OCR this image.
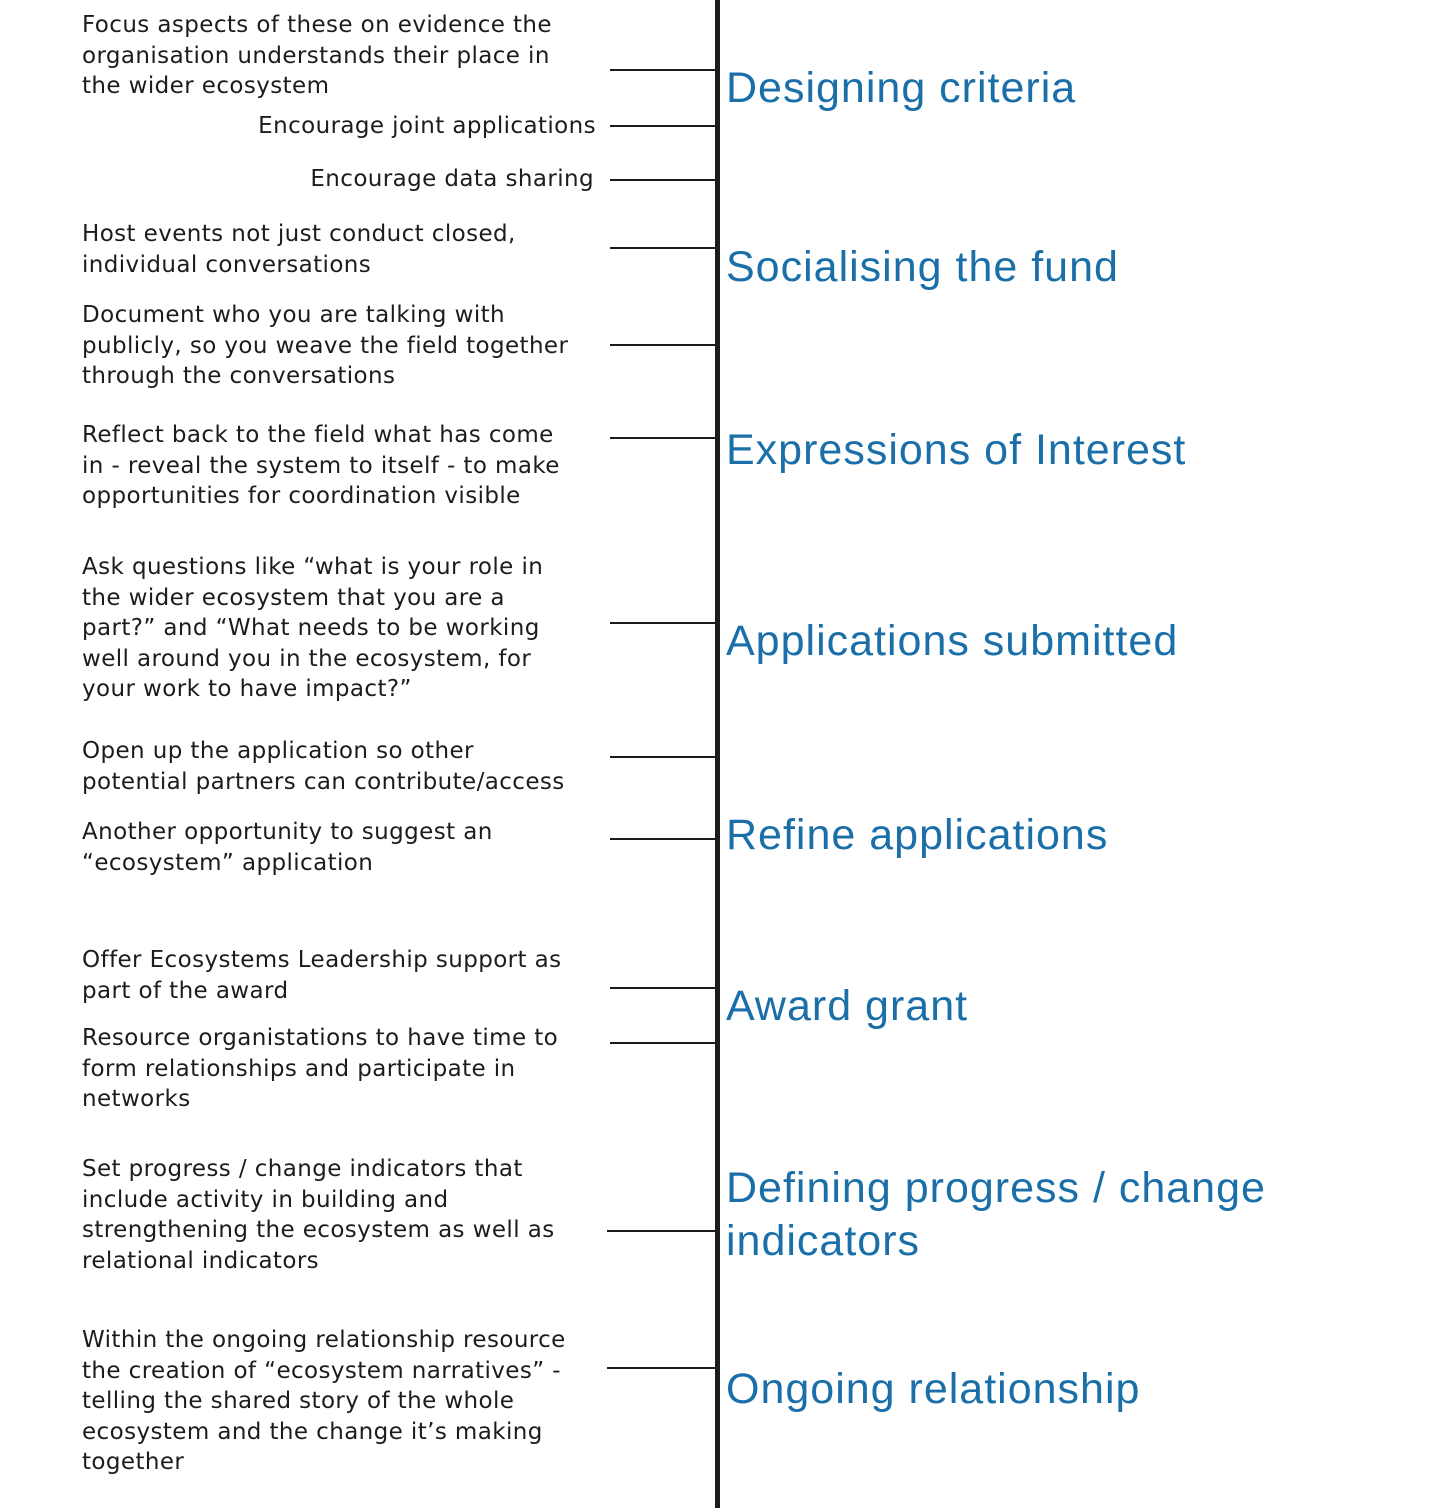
Focus aspects of these on evidence the
organisation understands their place in
the wider ecosystem
Encourage joint applications
Encourage data sharing
Host events not just conduct closed,
individual conversations
Document who you are talking with
publicly, so you weave the field together
through the conversations
Reflect back to the field what has come
in - reveal the system to itself - to make
opportunities for coordination visible
Ask questions like “what is your role in
the wider ecosystem that you are a
part?” and “What needs to be working
well around you in the ecosystem, for
your work to have impact?”
Open up the application so other
potential partners can contribute/access
Another opportunity to suggest an
“ecosystem” application
Offer Ecosystems Leadership support as
part of the award
Resource organistations to have time to
form relationships and participate in
networks
Set progress / change indicators that
include activity in building and
strengthening the ecosystem as well as
relational indicators
Within the ongoing relationship resource
the creation of “ecosystem narratives” -
telling the shared story of the whole
ecosystem and the change it’s making
together
Designing criteria
Socialising the fund
Expressions of Interest
Applications submitted
Refine applications
Award grant
Defining progress / change
indicators
Ongoing relationship
